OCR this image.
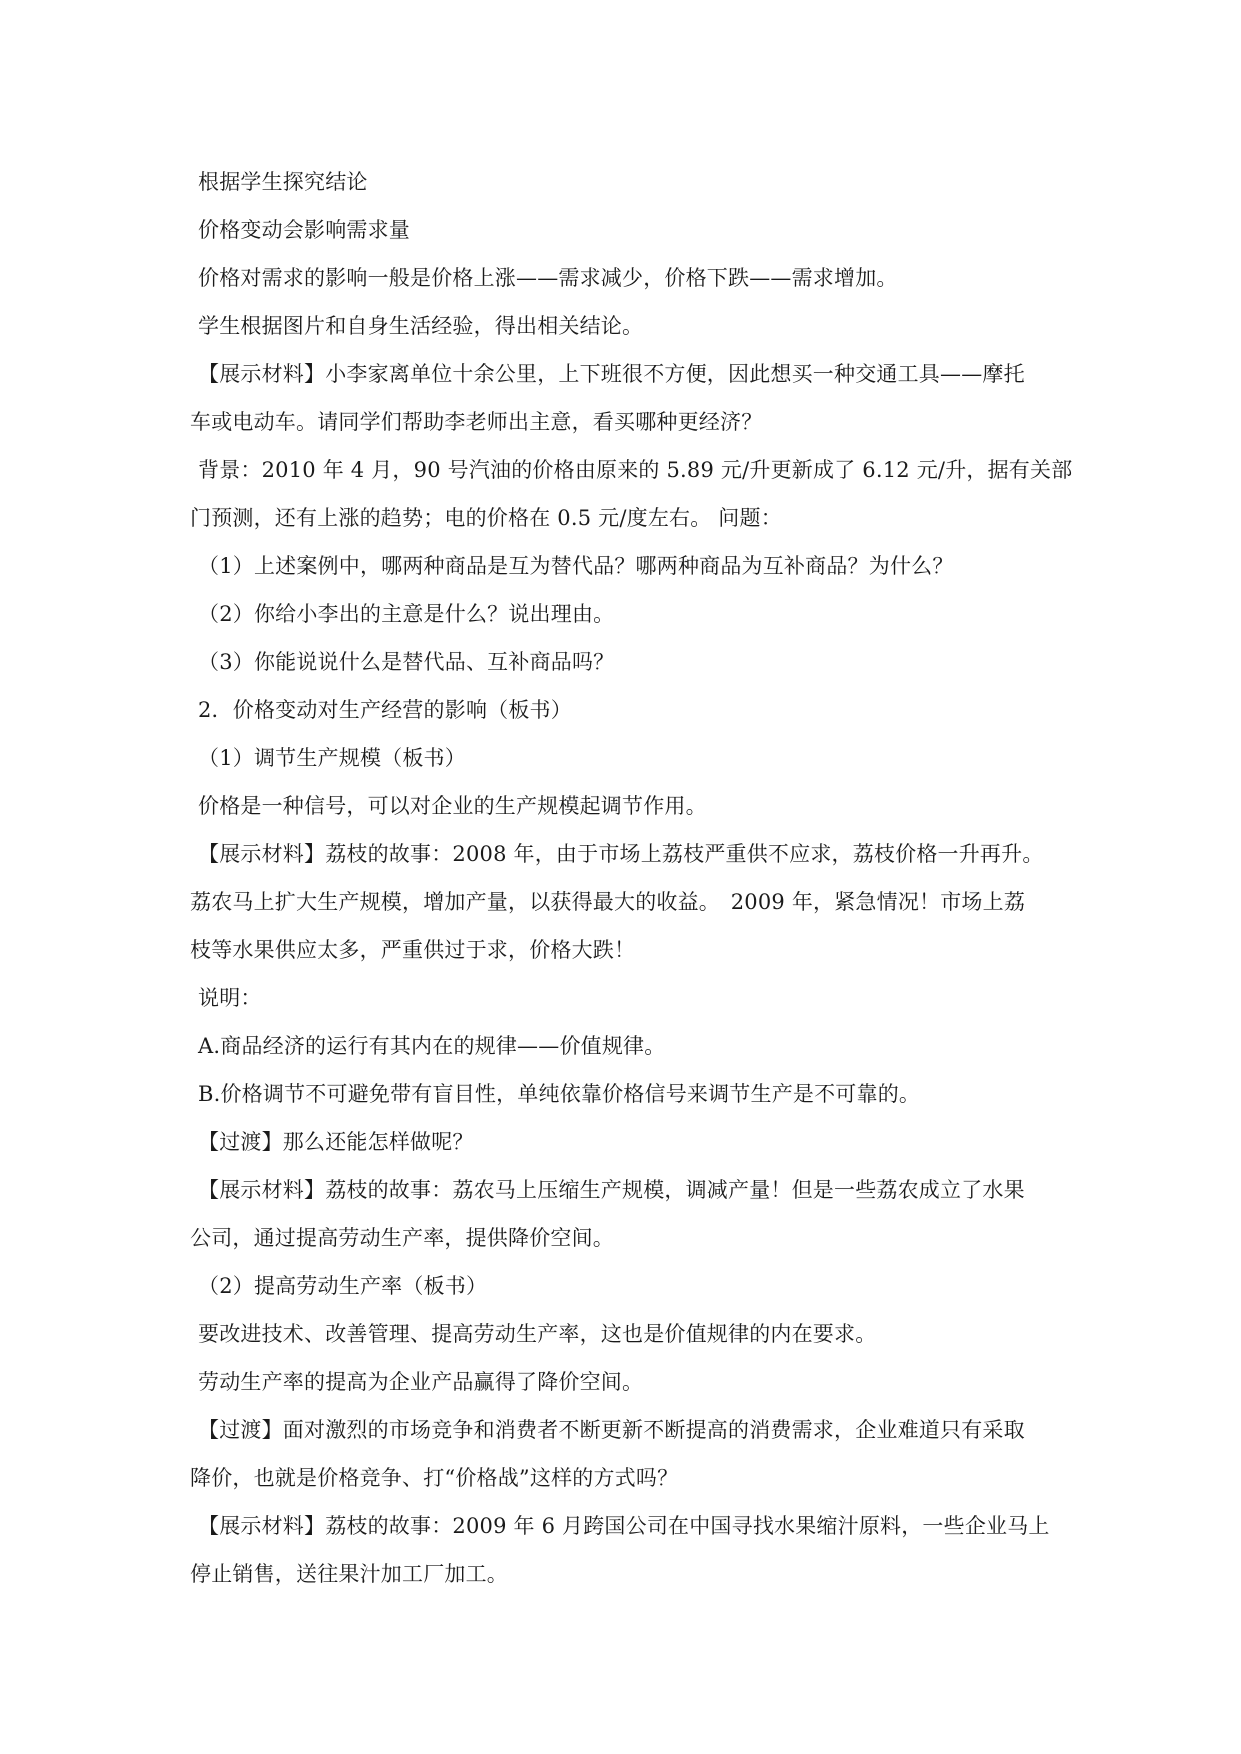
根据学生探究结论

价格变动会影响需求量

价格对需求的影响一般是价格上涨——需求减少，价格下跌——需求增加。

学生根据图片和自身生活经验，得出相关结论。

【展示材料】小李家离单位十余公里，上下班很不方便，因此想买一种交通工具——摩托

车或电动车。请同学们帮助李老师出主意，看买哪种更经济？

背景：2010 年 4 月，90 号汽油的价格由原来的 5.89 元/升更新成了 6.12 元/升，据有关部

门预测，还有上涨的趋势；电的价格在 0.5 元/度左右。 问题：

（1）上述案例中，哪两种商品是互为替代品？哪两种商品为互补商品？为什么？

（2）你给小李出的主意是什么？说出理由。

（3）你能说说什么是替代品、互补商品吗？

2．价格变动对生产经营的影响（板书）

（1）调节生产规模（板书）

价格是一种信号，可以对企业的生产规模起调节作用。

【展示材料】荔枝的故事：2008 年，由于市场上荔枝严重供不应求，荔枝价格一升再升。

荔农马上扩大生产规模，增加产量，以获得最大的收益。　2009 年，紧急情况！市场上荔

枝等水果供应太多，严重供过于求，价格大跌！

说明：

A.商品经济的运行有其内在的规律——价值规律。

B.价格调节不可避免带有盲目性，单纯依靠价格信号来调节生产是不可靠的。

【过渡】那么还能怎样做呢？

【展示材料】荔枝的故事：荔农马上压缩生产规模，调减产量！但是一些荔农成立了水果

公司，通过提高劳动生产率，提供降价空间。

（2）提高劳动生产率（板书）

要改进技术、改善管理、提高劳动生产率，这也是价值规律的内在要求。

劳动生产率的提高为企业产品赢得了降价空间。

【过渡】面对激烈的市场竞争和消费者不断更新不断提高的消费需求，企业难道只有采取

降价，也就是价格竞争、打“价格战”这样的方式吗？

【展示材料】荔枝的故事：2009 年 6 月跨国公司在中国寻找水果缩汁原料，一些企业马上

停止销售，送往果汁加工厂加工。
